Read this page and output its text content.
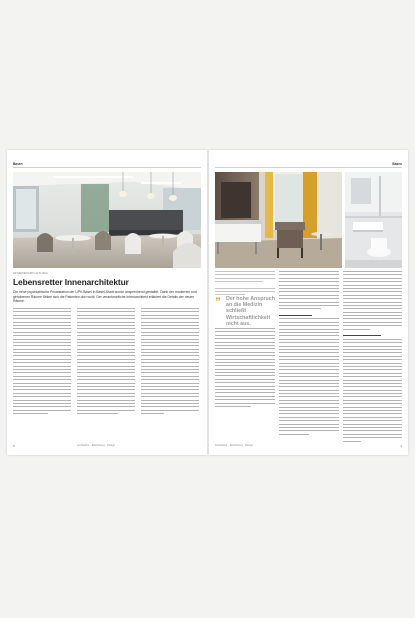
Basen
INNEREINRICHTUNG
Lebensretter Innenarchitektur
Die neue psychiatrische Privatstation der UPK Basel in Basel-Stadt wurde ansprechend gestaltet. Dank der modernen und gehobenen Räume fühlen sich die Patienten dort wohl. Der verantwortliche Innenarchitekt erläutert die Details der neuen Räume.
8	Architektur · Einrichtung · Design
Basen
” Der hohe Anspruch an die Medizin schließt Wirtschaftlichkeit nicht aus.
Architektur · Einrichtung · Design	9
